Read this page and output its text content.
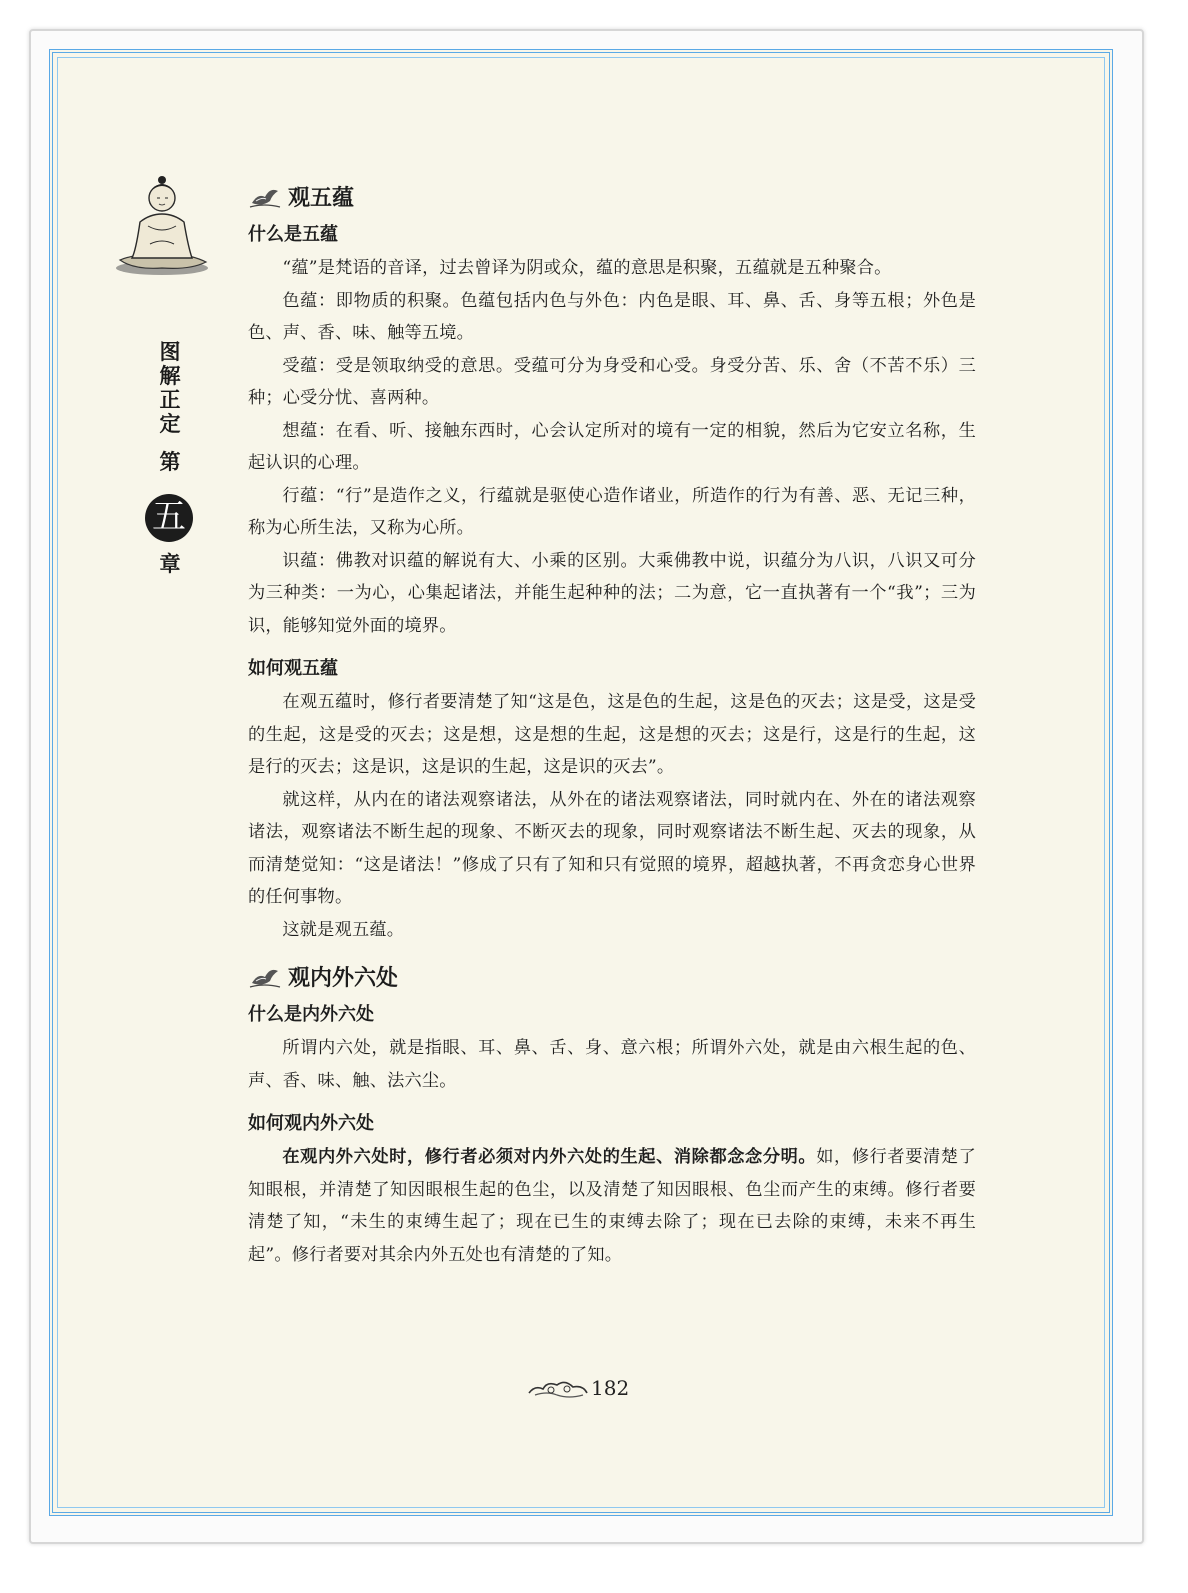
图
解
正
定
第
五
章
观五蕴
什么是五蕴

“蕴”是梵语的音译，过去曾译为阴或众，蕴的意思是积聚，五蕴就是五种聚合。

色蕴：即物质的积聚。色蕴包括内色与外色：内色是眼、耳、鼻、舌、身等五根；外色是色、声、香、味、触等五境。

受蕴：受是领取纳受的意思。受蕴可分为身受和心受。身受分苦、乐、舍（不苦不乐）三种；心受分忧、喜两种。

想蕴：在看、听、接触东西时，心会认定所对的境有一定的相貌，然后为它安立名称，生起认识的心理。

行蕴：“行”是造作之义，行蕴就是驱使心造作诸业，所造作的行为有善、恶、无记三种，称为心所生法，又称为心所。

识蕴：佛教对识蕴的解说有大、小乘的区别。大乘佛教中说，识蕴分为八识，八识又可分为三种类：一为心，心集起诸法，并能生起种种的法；二为意，它一直执著有一个“我”；三为识，能够知觉外面的境界。

如何观五蕴

在观五蕴时，修行者要清楚了知“这是色，这是色的生起，这是色的灭去；这是受，这是受的生起，这是受的灭去；这是想，这是想的生起，这是想的灭去；这是行，这是行的生起，这是行的灭去；这是识，这是识的生起，这是识的灭去”。

就这样，从内在的诸法观察诸法，从外在的诸法观察诸法，同时就内在、外在的诸法观察诸法，观察诸法不断生起的现象、不断灭去的现象，同时观察诸法不断生起、灭去的现象，从而清楚觉知：“这是诸法！”修成了只有了知和只有觉照的境界，超越执著，不再贪恋身心世界的任何事物。

这就是观五蕴。

观内外六处
什么是内外六处

所谓内六处，就是指眼、耳、鼻、舌、身、意六根；所谓外六处，就是由六根生起的色、声、香、味、触、法六尘。

如何观内外六处

在观内外六处时，修行者必须对内外六处的生起、消除都念念分明。如，修行者要清楚了知眼根，并清楚了知因眼根生起的色尘，以及清楚了知因眼根、色尘而产生的束缚。修行者要清楚了知，“未生的束缚生起了；现在已生的束缚去除了；现在已去除的束缚，未来不再生起”。修行者要对其余内外五处也有清楚的了知。

182
